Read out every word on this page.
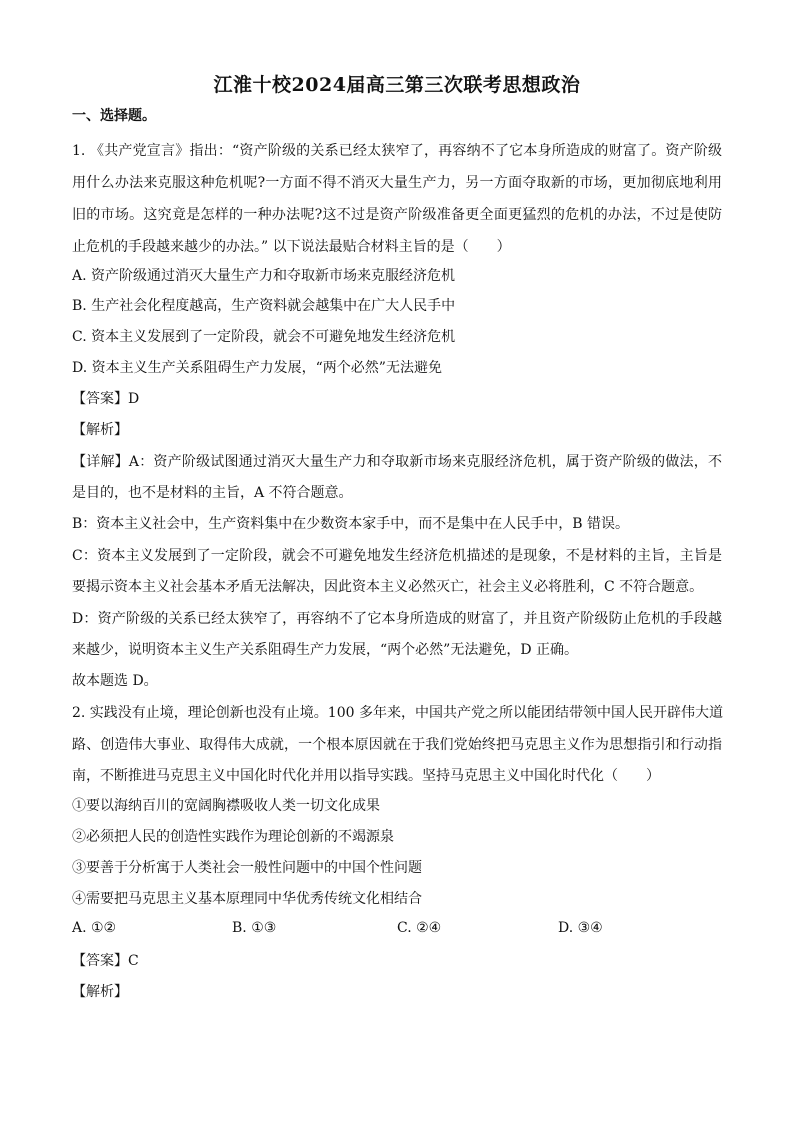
江淮十校2024届高三第三次联考思想政治
一、选择题。
1. 《共产党宣言》指出：“资产阶级的关系已经太狭窄了，再容纳不了它本身所造成的财富了。资产阶级
用什么办法来克服这种危机呢?一方面不得不消灭大量生产力，另一方面夺取新的市场，更加彻底地利用
旧的市场。这究竟是怎样的一种办法呢?这不过是资产阶级准备更全面更猛烈的危机的办法，不过是使防
止危机的手段越来越少的办法。” 以下说法最贴合材料主旨的是（　　）
A. 资产阶级通过消灭大量生产力和夺取新市场来克服经济危机
B. 生产社会化程度越高，生产资料就会越集中在广大人民手中
C. 资本主义发展到了一定阶段，就会不可避免地发生经济危机
D. 资本主义生产关系阻碍生产力发展，“两个必然”无法避免
【答案】D
【解析】
【详解】A：资产阶级试图通过消灭大量生产力和夺取新市场来克服经济危机，属于资产阶级的做法，不
是目的，也不是材料的主旨，A 不符合题意。
B：资本主义社会中，生产资料集中在少数资本家手中，而不是集中在人民手中，B 错误。
C：资本主义发展到了一定阶段，就会不可避免地发生经济危机描述的是现象，不是材料的主旨，主旨是
要揭示资本主义社会基本矛盾无法解决，因此资本主义必然灭亡，社会主义必将胜利，C 不符合题意。
D：资产阶级的关系已经太狭窄了，再容纳不了它本身所造成的财富了，并且资产阶级防止危机的手段越
来越少，说明资本主义生产关系阻碍生产力发展，“两个必然”无法避免，D 正确。
故本题选 D。
2. 实践没有止境，理论创新也没有止境。100 多年来，中国共产党之所以能团结带领中国人民开辟伟大道
路、创造伟大事业、取得伟大成就，一个根本原因就在于我们党始终把马克思主义作为思想指引和行动指
南，不断推进马克思主义中国化时代化并用以指导实践。坚持马克思主义中国化时代化（　　）
①要以海纳百川的宽阔胸襟吸收人类一切文化成果
②必须把人民的创造性实践作为理论创新的不竭源泉
③要善于分析寓于人类社会一般性问题中的中国个性问题
④需要把马克思主义基本原理同中华优秀传统文化相结合
A. ①②	B. ①③	C. ②④	D. ③④
【答案】C
【解析】
